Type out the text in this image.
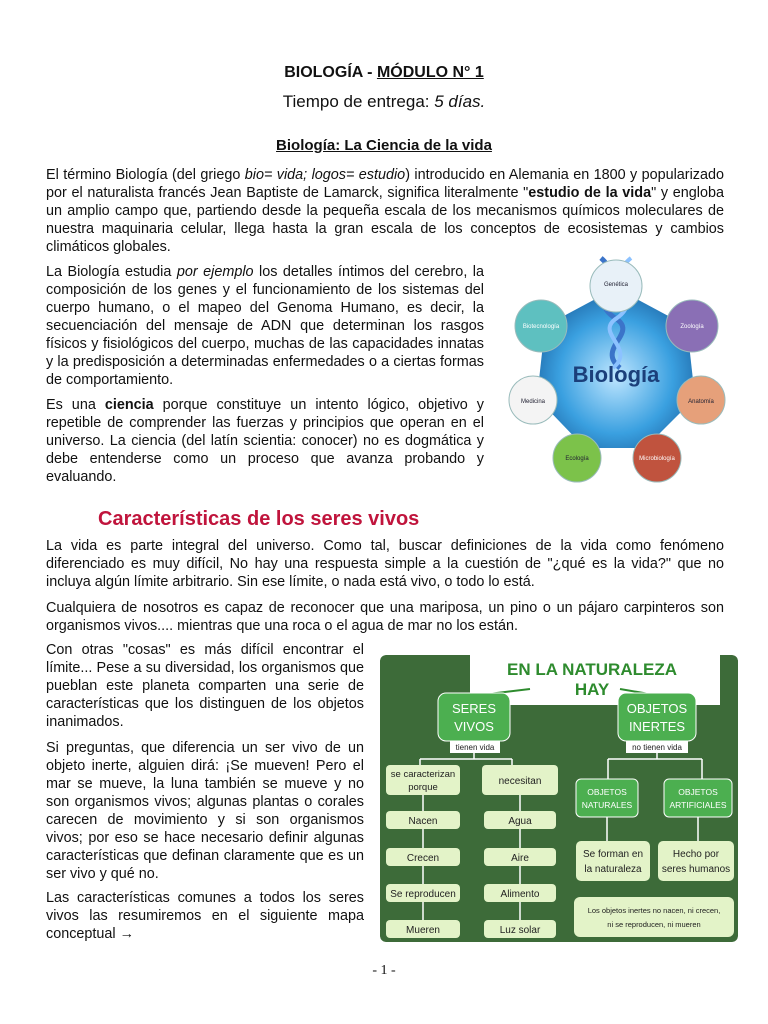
BIOLOGÍA - MÓDULO N° 1
Tiempo de entrega: 5 días.
Biología: La Ciencia de la vida

El término Biología (del griego bio= vida; logos= estudio) introducido en Alemania en 1800 y popularizado por el naturalista francés Jean Baptiste de Lamarck, significa literalmente "estudio de la vida" y engloba un amplio campo que, partiendo desde la pequeña escala de los mecanismos químicos moleculares de nuestra maquinaria celular, llega hasta la gran escala de los conceptos de ecosistemas y cambios climáticos globales.

La Biología estudia por ejemplo los detalles íntimos del cerebro, la composición de los genes y el funcionamiento de los sistemas del cuerpo humano, o el mapeo del Genoma Humano, es decir, la secuenciación del mensaje de ADN que determinan los rasgos físicos y fisiológicos del cuerpo, muchas de las capacidades innatas y la predisposición a determinadas enfermedades o a ciertas formas de comportamiento.

Es una ciencia porque constituye un intento lógico, objetivo y repetible de comprender las fuerzas y principios que operan en el universo. La ciencia (del latín scientia: conocer) no es dogmática y debe entenderse como un proceso que avanza probando y evaluando.

Biología
Genética
Biotecnología	Zoología
Medicina	Anatomía
Ecología	Microbiología
Características de los seres vivos

La vida es parte integral del universo. Como tal, buscar definiciones de la vida como fenómeno diferenciado es muy difícil, No hay una respuesta simple a la cuestión de "¿qué es la vida?" que no incluya algún límite arbitrario. Sin ese límite, o nada está vivo, o todo lo está.

Cualquiera de nosotros es capaz de reconocer que una mariposa, un pino o un pájaro carpinteros son organismos vivos.... mientras que una roca o el agua de mar no los están.

Con otras "cosas" es más difícil encontrar el límite... Pese a su diversidad, los organismos que pueblan este planeta comparten una serie de características que los distinguen de los objetos inanimados.

Si preguntas, que diferencia un ser vivo de un objeto inerte, alguien dirá: ¡Se mueven! Pero el mar se mueve, la luna también se mueve y no son organismos vivos; algunas plantas o corales carecen de movimiento y si son organismos vivos; por eso se hace necesario definir algunas características que definan claramente que es un ser vivo y qué no.

Las características comunes a todos los seres vivos las resumiremos en el siguiente mapa conceptual →

EN LA NATURALEZA
HAY
SERES
VIVOS
OBJETOS
INERTES
tienen vida	no tienen vida
se caracterizan
porque
necesitan
Nacen
Crecen
Se reproducen
Mueren
Agua
Aire
Alimento
Luz solar
OBJETOS
NATURALES
OBJETOS
ARTIFICIALES
Se forman en
la naturaleza
Hecho por
seres humanos
Los objetos inertes no nacen, ni crecen,
ni se reproducen, ni mueren
- 1 -
